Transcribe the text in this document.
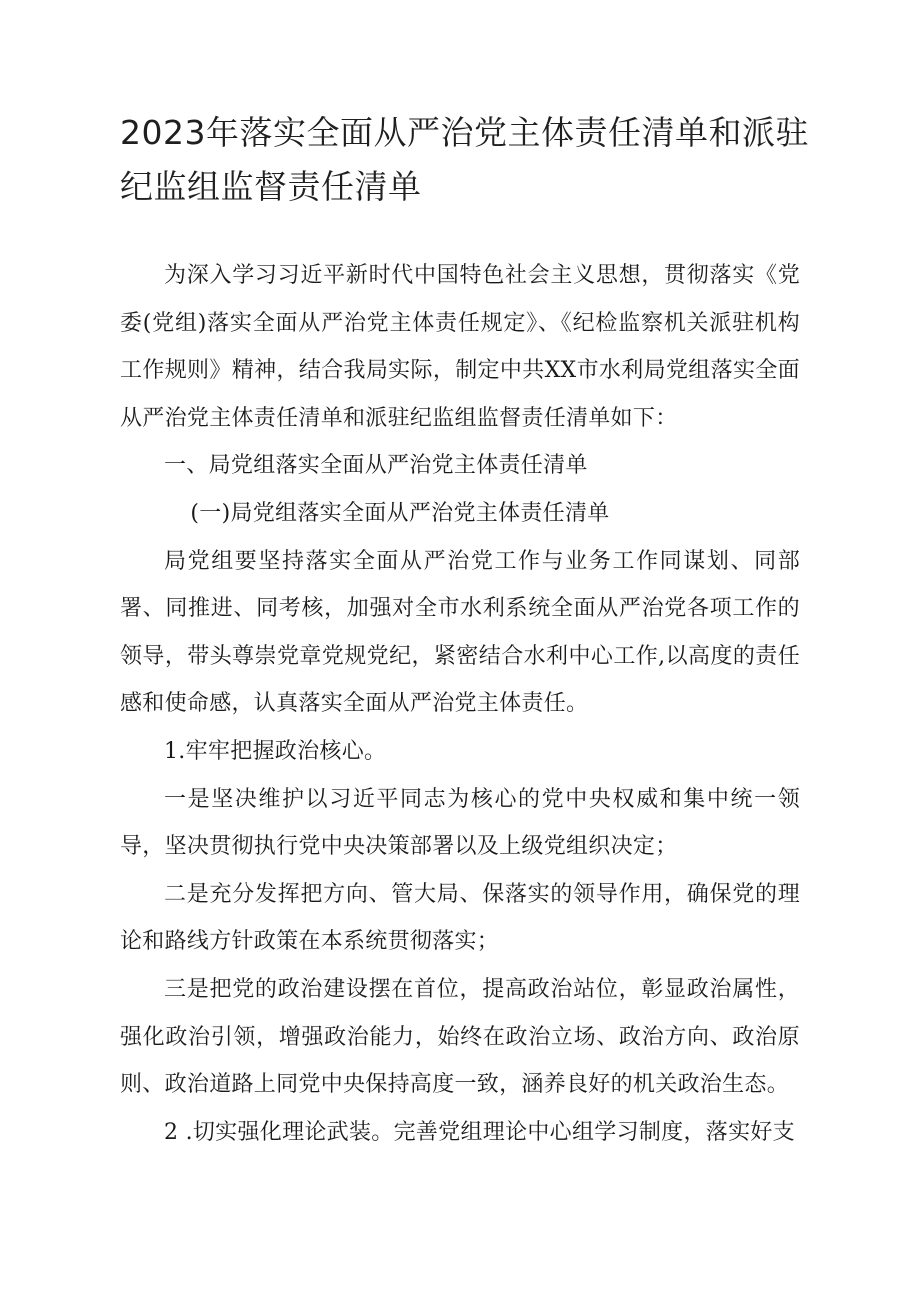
2023年落实全面从严治党主体责任清单和派驻纪监组监督责任清单

为深入学习习近平新时代中国特色社会主义思想，贯彻落实《党委(党组)落实全面从严治党主体责任规定》、《纪检监察机关派驻机构工作规则》精神，结合我局实际，制定中共XX市水利局党组落实全面从严治党主体责任清单和派驻纪监组监督责任清单如下：

一、局党组落实全面从严治党主体责任清单

(一)局党组落实全面从严治党主体责任清单

局党组要坚持落实全面从严治党工作与业务工作同谋划、同部署、同推进、同考核，加强对全市水利系统全面从严治党各项工作的领导，带头尊崇党章党规党纪，紧密结合水利中心工作,以高度的责任感和使命感，认真落实全面从严治党主体责任。

1.牢牢把握政治核心。

一是坚决维护以习近平同志为核心的党中央权威和集中统一领导，坚决贯彻执行党中央决策部署以及上级党组织决定；

二是充分发挥把方向、管大局、保落实的领导作用，确保党的理论和路线方针政策在本系统贯彻落实；

三是把党的政治建设摆在首位，提高政治站位，彰显政治属性，强化政治引领，增强政治能力，始终在政治立场、政治方向、政治原则、政治道路上同党中央保持高度一致，涵养良好的机关政治生态。

2 .切实强化理论武装。完善党组理论中心组学习制度，落实好支
